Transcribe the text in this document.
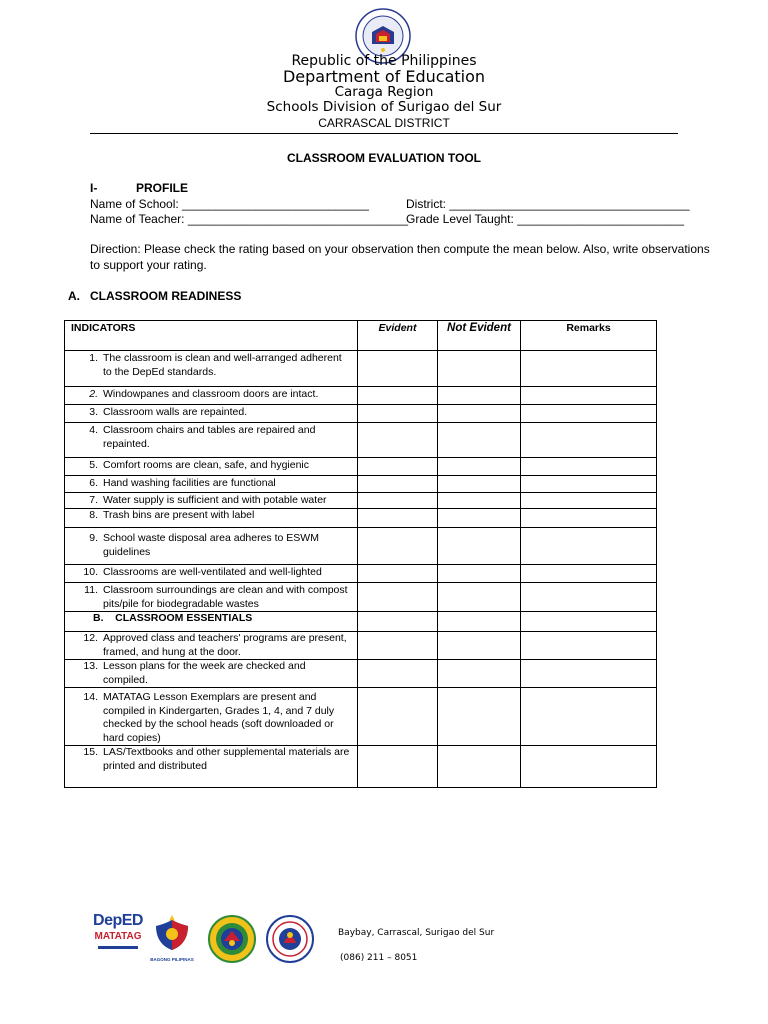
Republic of the Philippines
Department of Education
Caraga Region
Schools Division of Surigao del Sur
CARRASCAL DISTRICT
CLASSROOM EVALUATION TOOL
I-	PROFILE
Name of School: ____________________________	District: ____________________________________
Name of Teacher: _________________________________
Grade Level Taught: _________________________
Direction: Please check the rating based on your observation then compute the mean below. Also, write observations
to support your rating.
A. CLASSROOM READINESS
INDICATORS	Evident	Not Evident	Remarks

1. The classroom is clean and well-arranged adherent to the DepEd standards.			

2. Windowpanes and classroom doors are intact.			

3. Classroom walls are repainted.			

4. Classroom chairs and tables are repaired and repainted.			

5. Comfort rooms are clean, safe, and hygienic			

6. Hand washing facilities are functional			

7. Water supply is sufficient and with potable water			

8. Trash bins are present with label			

9. School waste disposal area adheres to ESWM guidelines			

10. Classrooms are well-ventilated and well-lighted			

11. Classroom surroundings are clean and with compost pits/pile for biodegradable wastes			

B. CLASSROOM ESSENTIALS			

12. Approved class and teachers' programs are present, framed, and hung at the door.			

13. Lesson plans for the week are checked and compiled.			

14. MATATAG Lesson Exemplars are present and compiled in Kindergarten, Grades 1, 4, and 7 duly checked by the school heads (soft downloaded or hard copies)			

15. LAS/Textbooks and other supplemental materials are printed and distributed			

DepED
MATATAG
BAGONG PILIPINAS
Baybay, Carrascal, Surigao del Sur
(086) 211 – 8051
